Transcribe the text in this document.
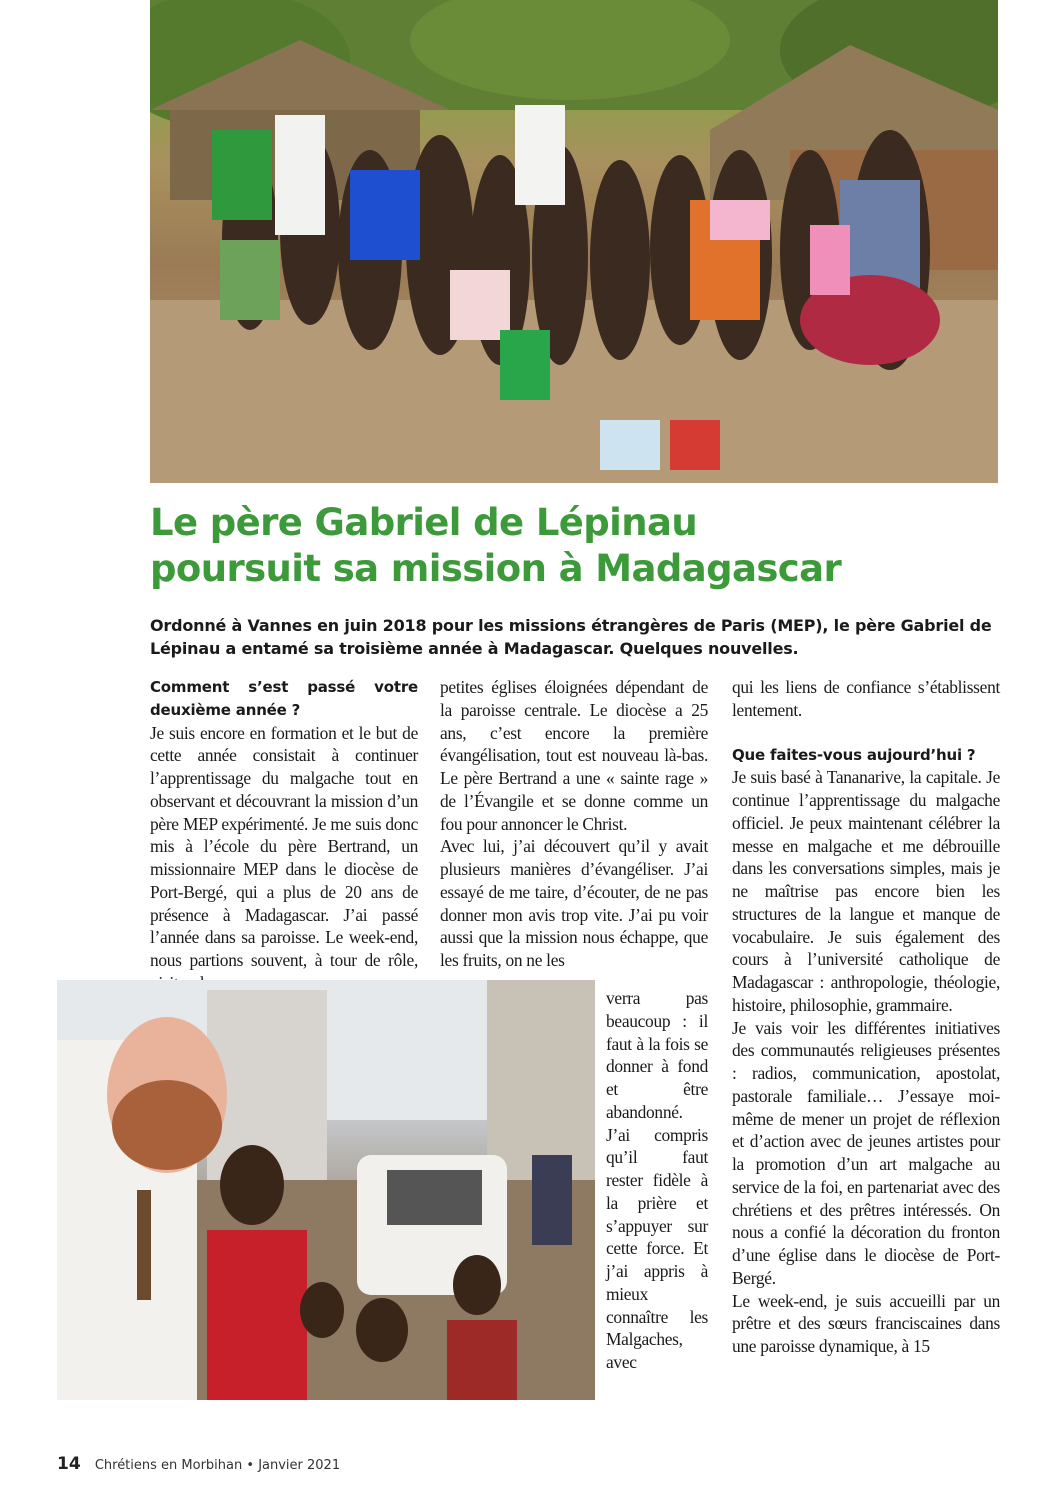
Le père Gabriel de Lépinau
poursuit sa mission à Madagascar

Ordonné à Vannes en juin 2018 pour les missions étrangères de Paris (MEP), le père Gabriel de Lépinau a entamé sa troisième année à Madagascar. Quelques nouvelles.

Comment s’est passé votre deuxième année ?

Je suis encore en formation et le but de cette année consistait à continuer l’apprentissage du malgache tout en observant et découvrant la mission d’un père MEP expérimenté. Je me suis donc mis à l’école du père Bertrand, un missionnaire MEP dans le diocèse de Port-Bergé, qui a plus de 20 ans de présence à Madagascar. J’ai passé l’année dans sa paroisse. Le week-end, nous partions souvent, à tour de rôle,

petites églises éloignées dépendant de la paroisse centrale. Le diocèse a 25 ans, c’est encore la première évangélisation, tout est nouveau là-bas. Le père Bertrand a une « sainte rage » de l’Évangile et se donne comme un fou pour annoncer le Christ.

Avec lui, j’ai découvert qu’il y avait plusieurs manières d’évangéliser. J’ai essayé de me taire, d’écouter, de ne pas donner mon avis trop vite. J’ai pu voir aussi que la mission nous échappe, que les fruits, on ne les

verra pas beaucoup : il faut à la fois se donner à fond et être abandonné. J’ai compris qu’il faut rester fidèle à la prière et s’appuyer sur cette force. Et j’ai appris à mieux connaître les Malgaches, avec

qui les liens de confiance s’établissent lentement.

Que faites-vous aujourd’hui ?

Je suis basé à Tananarive, la capitale. Je continue l’apprentissage du malgache officiel. Je peux maintenant célébrer la messe en malgache et me débrouille dans les conversations simples, mais je ne maîtrise pas encore bien les structures de la langue et manque de vocabulaire. Je suis également des cours à l’université catholique de Madagascar : anthropologie, théologie, histoire, philosophie, grammaire.

Je vais voir les différentes initiatives des communautés religieuses présentes : radios, communication, apostolat, pastorale familiale… J’essaye moi-même de mener un projet de réflexion et d’action avec de jeunes artistes pour la promotion d’un art malgache au service de la foi, en partenariat avec des chrétiens et des prêtres intéressés. On nous a confié la décoration du fronton d’une église dans le diocèse de Port-Bergé.

Le week-end, je suis accueilli par un prêtre et des sœurs franciscaines dans une paroisse dynamique, à 15

14 Chrétiens en Morbihan • Janvier 2021
